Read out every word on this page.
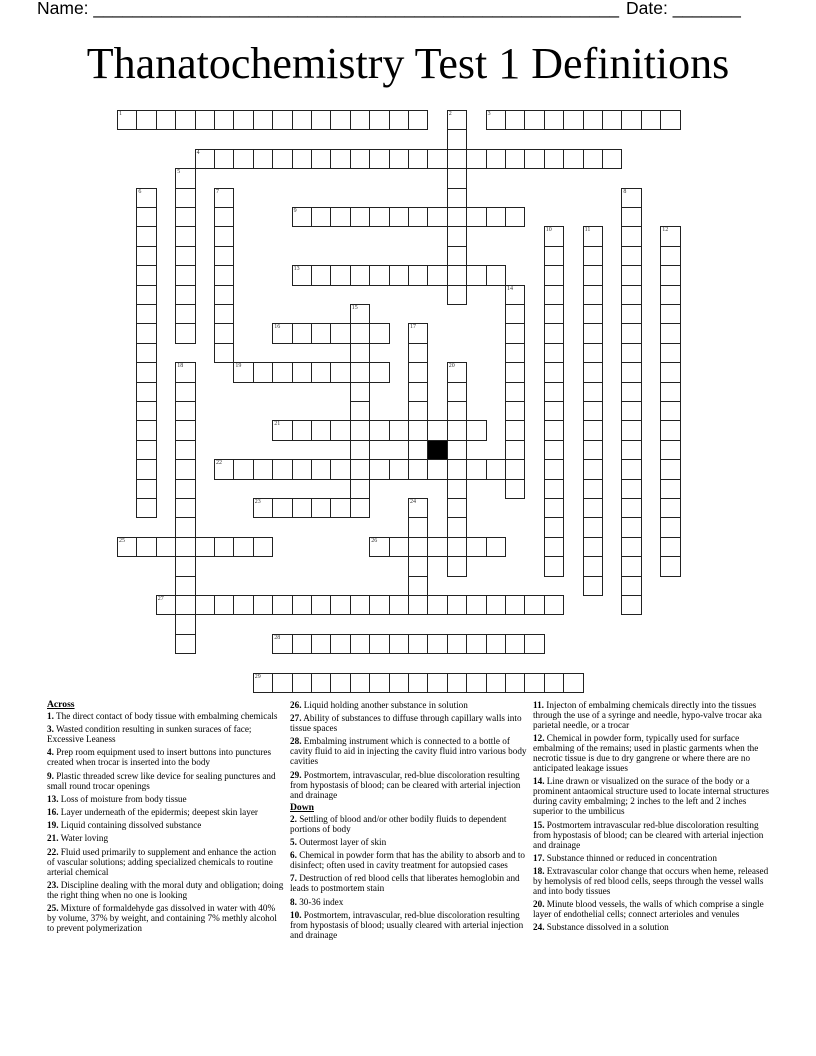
Name: ______________________________________________________ Date: _______
Thanatochemistry Test 1 Definitions
1	2	3
4
5
6	7	8
9
10	11	12
13
14
15
16	17
18	19	20
21
22
23	24
25	26
27
28
29
Across
1. The direct contact of body tissue with embalming chemicals
3. Wasted condition resulting in sunken suraces of face; Excessive Leaness
4. Prep room equipment used to insert buttons into punctures created when trocar is inserted into the body
9. Plastic threaded screw like device for sealing punctures and small round trocar openings
13. Loss of moisture from body tissue
16. Layer underneath of the epidermis; deepest skin layer
19. Liquid containing dissolved substance
21. Water loving
22. Fluid used primarily to supplement and enhance the action of vascular solutions; adding specialized chemicals to routine arterial chemical
23. Discipline dealing with the moral duty and obligation; doing the right thing when no one is looking
25. Mixture of formaldehyde gas dissolved in water with 40% by volume, 37% by weight, and containing 7% methly alcohol to prevent polymerization
26. Liquid holding another substance in solution
27. Ability of substances to diffuse through capillary walls into tissue spaces
28. Embalming instrument which is connected to a bottle of cavity fluid to aid in injecting the cavity fluid intro various body cavities
29. Postmortem, intravascular, red-blue discoloration resulting from hypostasis of blood; can be cleared with arterial injection and drainage
Down
2. Settling of blood and/or other bodily fluids to dependent portions of body
5. Outermost layer of skin
6. Chemical in powder form that has the ability to absorb and to disinfect; often used in cavity treatment for autopsied cases
7. Destruction of red blood cells that liberates hemoglobin and leads to postmortem stain
8. 30-36 index
10. Postmortem, intravascular, red-blue discoloration resulting from hypostasis of blood; usually cleared with arterial injection and drainage
11. Injecton of embalming chemicals directly into the tissues through the use of a syringe and needle, hypo-valve trocar aka parietal needle, or a trocar
12. Chemical in powder form, typically used for surface embalming of the remains; used in plastic garments when the necrotic tissue is due to dry gangrene or where there are no anticipated leakage issues
14. Line drawn or visualized on the surace of the body or a prominent antaomical structure used to locate internal structures during cavity embalming; 2 inches to the left and 2 inches superior to the umbilicus
15. Postmortem intravascular red-blue discoloration resulting from hypostasis of blood; can be cleared with arterial injection and drainage
17. Substance thinned or reduced in concentration
18. Extravascular color change that occurs when heme, released by hemolysis of red blood cells, seeps through the vessel walls and into body tissues
20. Minute blood vessels, the walls of which comprise a single layer of endothelial cells; connect arterioles and venules
24. Substance dissolved in a solution
